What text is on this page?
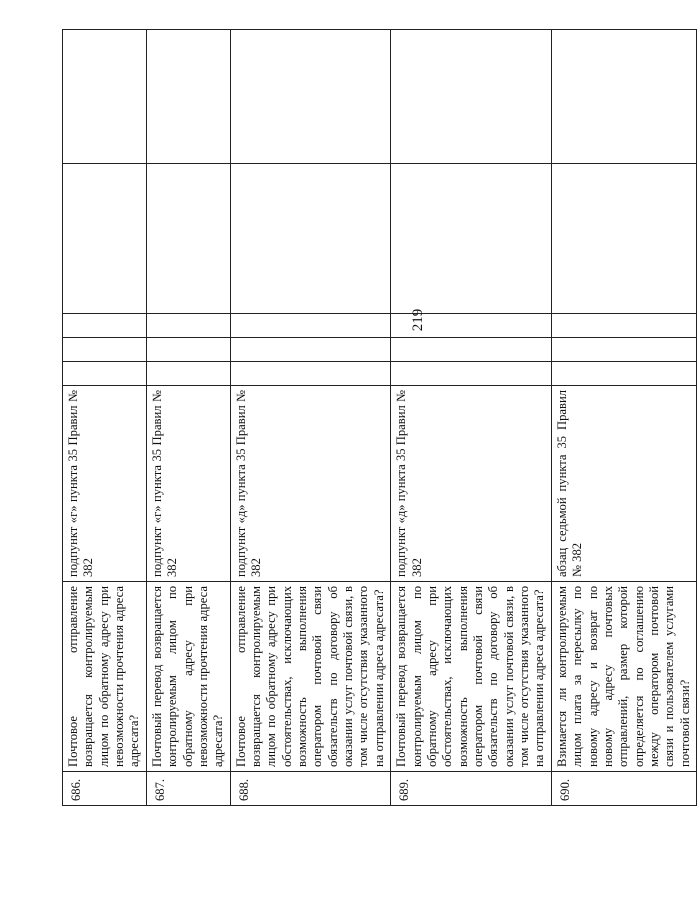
219
686.	Почтовое отправление возвращается контролируемым лицом по обратному адресу при невозможности прочтения адреса адресата?	подпункт «г» пункта 35 Правил № 382					
687.	Почтовый перевод возвращается контролируемым лицом по обратному адресу при невозможности прочтения адреса адресата?	подпункт «г» пункта 35 Правил № 382					
688.	Почтовое отправление возвращается контролируемым лицом по обратному адресу при обстоятельствах, исключающих возможность выполнения оператором почтовой связи обязательств по договору об оказании услуг почтовой связи, в том числе отсутствия указанного на отправлении адреса адресата?	подпункт «д» пункта 35 Правил № 382					
689.	Почтовый перевод возвращается контролируемым лицом по обратному адресу при обстоятельствах, исключающих возможность выполнения оператором почтовой связи обязательств по договору об оказании услуг почтовой связи, в том числе отсутствия указанного на отправлении адреса адресата?	подпункт «д» пункта 35 Правил № 382					
690.	Взимается ли контролируемым лицом плата за пересылку по новому адресу и возврат по новому адресу почтовых отправлений, размер которой определяется по соглашению между оператором почтовой связи и пользователем услугами почтовой связи?	абзац седьмой пункта 35 Правил № 382					
